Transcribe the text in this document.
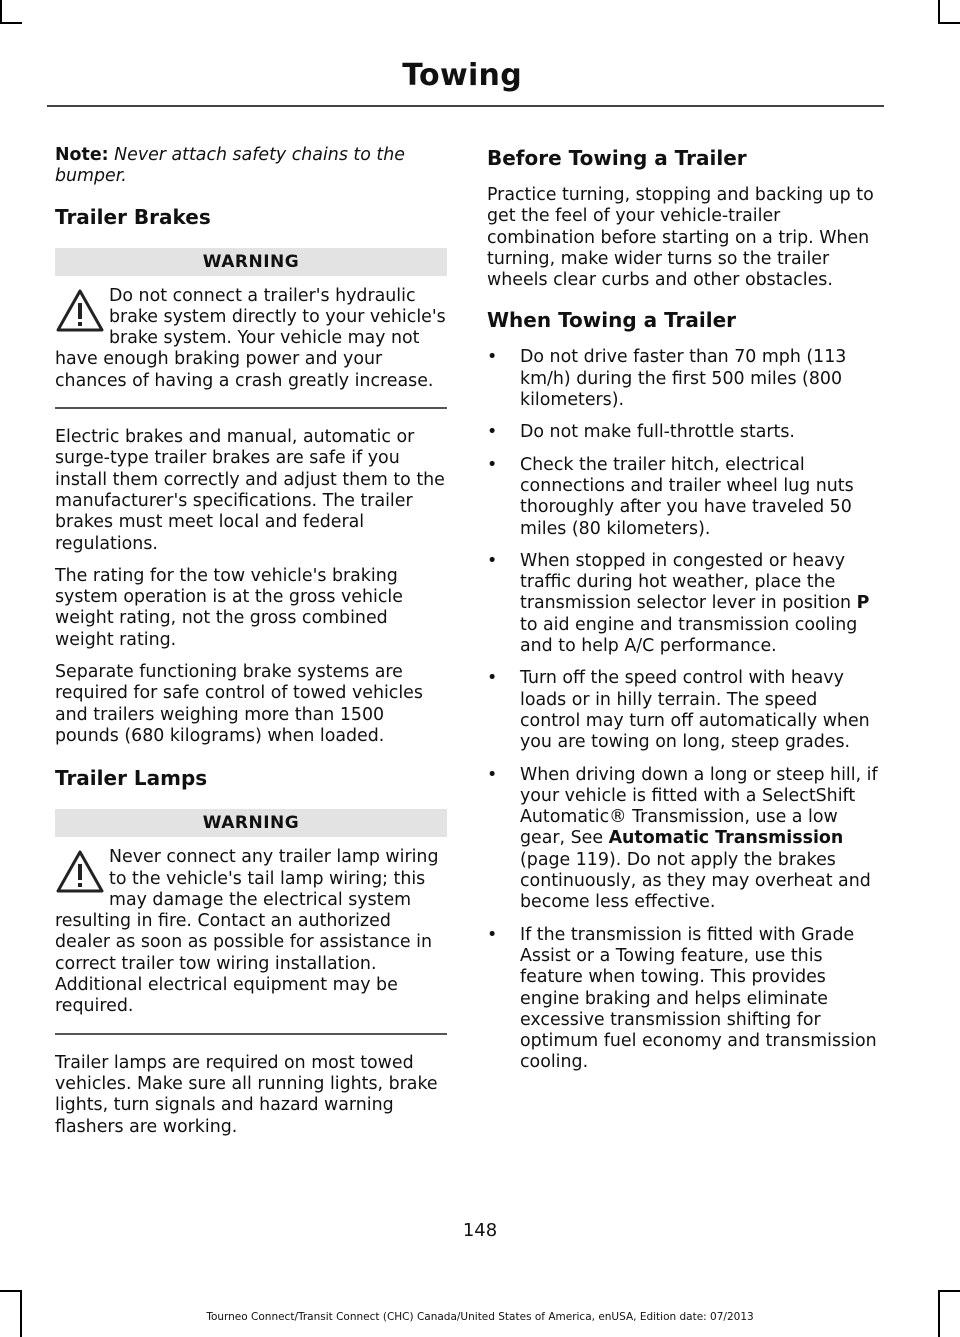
Towing

Note: Never attach safety chains to the bumper.

Trailer Brakes
WARNING

Do not connect a trailer's hydraulic brake system directly to your vehicle's brake system. Your vehicle may not have enough braking power and your chances of having a crash greatly increase.

Electric brakes and manual, automatic or surge-type trailer brakes are safe if you install them correctly and adjust them to the manufacturer's specifications. The trailer brakes must meet local and federal regulations.

The rating for the tow vehicle's braking system operation is at the gross vehicle weight rating, not the gross combined weight rating.

Separate functioning brake systems are required for safe control of towed vehicles and trailers weighing more than 1500 pounds (680 kilograms) when loaded.

Trailer Lamps
WARNING

Never connect any trailer lamp wiring to the vehicle's tail lamp wiring; this may damage the electrical system resulting in fire. Contact an authorized dealer as soon as possible for assistance in correct trailer tow wiring installation. Additional electrical equipment may be required.

Trailer lamps are required on most towed vehicles. Make sure all running lights, brake lights, turn signals and hazard warning flashers are working.

Before Towing a Trailer

Practice turning, stopping and backing up to get the feel of your vehicle-trailer combination before starting on a trip. When turning, make wider turns so the trailer wheels clear curbs and other obstacles.

When Towing a Trailer
• Do not drive faster than 70 mph (113 km/h) during the first 500 miles (800 kilometers).
• Do not make full-throttle starts.
• Check the trailer hitch, electrical connections and trailer wheel lug nuts thoroughly after you have traveled 50 miles (80 kilometers).
• When stopped in congested or heavy traffic during hot weather, place the transmission selector lever in position P to aid engine and transmission cooling and to help A/C performance.
• Turn off the speed control with heavy loads or in hilly terrain. The speed control may turn off automatically when you are towing on long, steep grades.
• When driving down a long or steep hill, if your vehicle is fitted with a SelectShift Automatic® Transmission, use a low gear, See Automatic Transmission (page 119). Do not apply the brakes continuously, as they may overheat and become less effective.
• If the transmission is fitted with Grade Assist or a Towing feature, use this feature when towing. This provides engine braking and helps eliminate excessive transmission shifting for optimum fuel economy and transmission cooling.
148
Tourneo Connect/Transit Connect (CHC) Canada/United States of America, enUSA, Edition date: 07/2013
